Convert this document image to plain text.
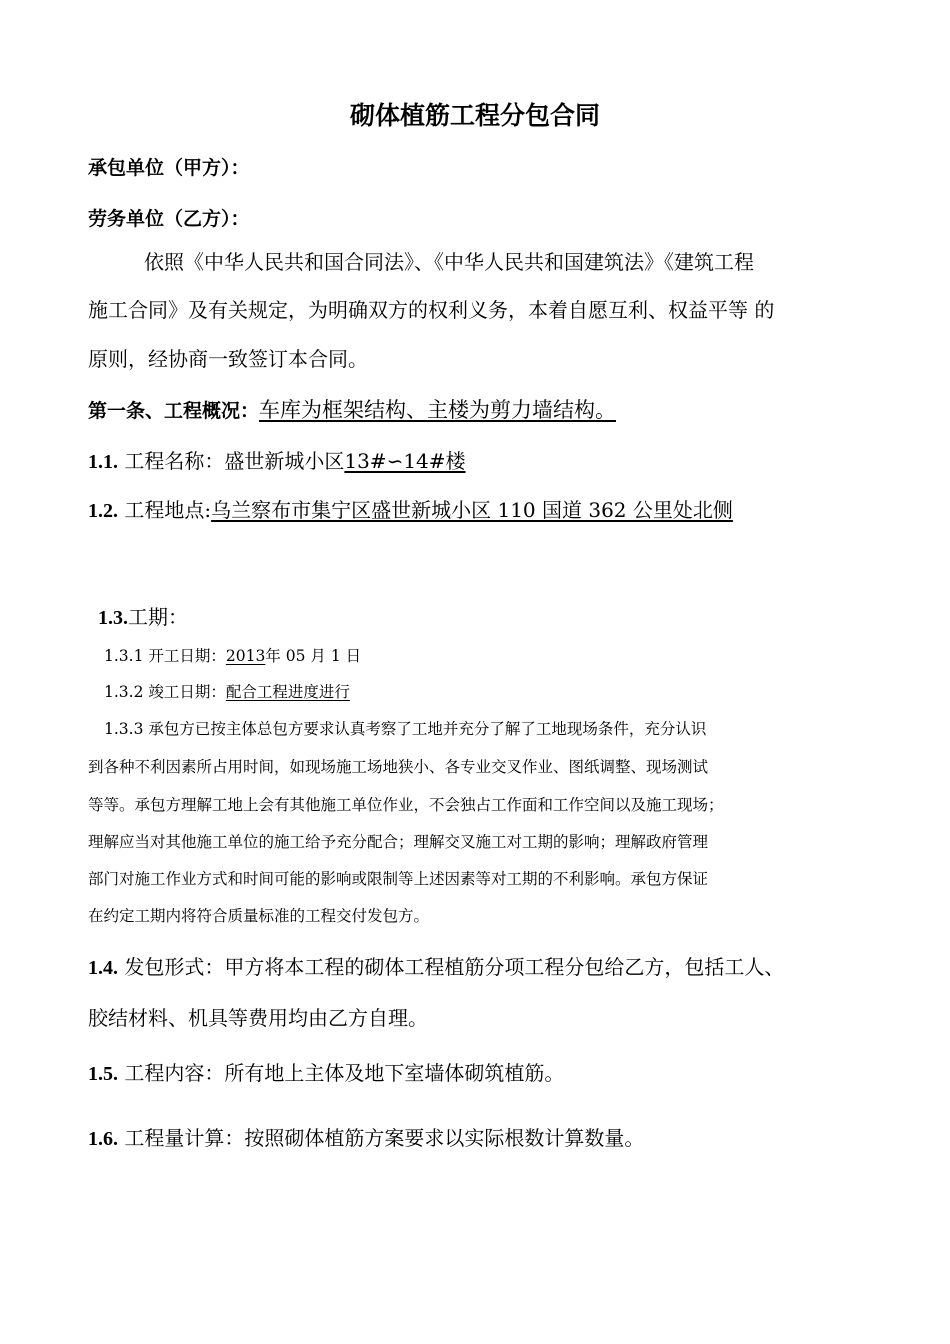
砌体植筋工程分包合同
承包单位（甲方）：
劳务单位（乙方）：
依照《中华人民共和国合同法》、《中华人民共和国建筑法》《建筑工程
施工合同》及有关规定，为明确双方的权利义务，本着自愿互利、权益平等 的
原则，经协商一致签订本合同。
第一条、工程概况：车库为框架结构、主楼为剪力墙结构。
1.1. 工程名称：盛世新城小区13#∽14#楼
1.2. 工程地点:乌兰察布市集宁区盛世新城小区 110 国道 362 公里处北侧
1.3.工期：
1.3.1 开工日期：2013年 05 月 1 日
1.3.2 竣工日期：配合工程进度进行
1.3.3 承包方已按主体总包方要求认真考察了工地并充分了解了工地现场条件，充分认识
到各种不利因素所占用时间，如现场施工场地狭小、各专业交叉作业、图纸调整、现场测试
等等。承包方理解工地上会有其他施工单位作业，不会独占工作面和工作空间以及施工现场；
理解应当对其他施工单位的施工给予充分配合；理解交叉施工对工期的影响；理解政府管理
部门对施工作业方式和时间可能的影响或限制等上述因素等对工期的不利影响。承包方保证
在约定工期内将符合质量标准的工程交付发包方。
1.4. 发包形式：甲方将本工程的砌体工程植筋分项工程分包给乙方，包括工人、
胶结材料、机具等费用均由乙方自理。
1.5. 工程内容：所有地上主体及地下室墙体砌筑植筋。
1.6. 工程量计算：按照砌体植筋方案要求以实际根数计算数量。
